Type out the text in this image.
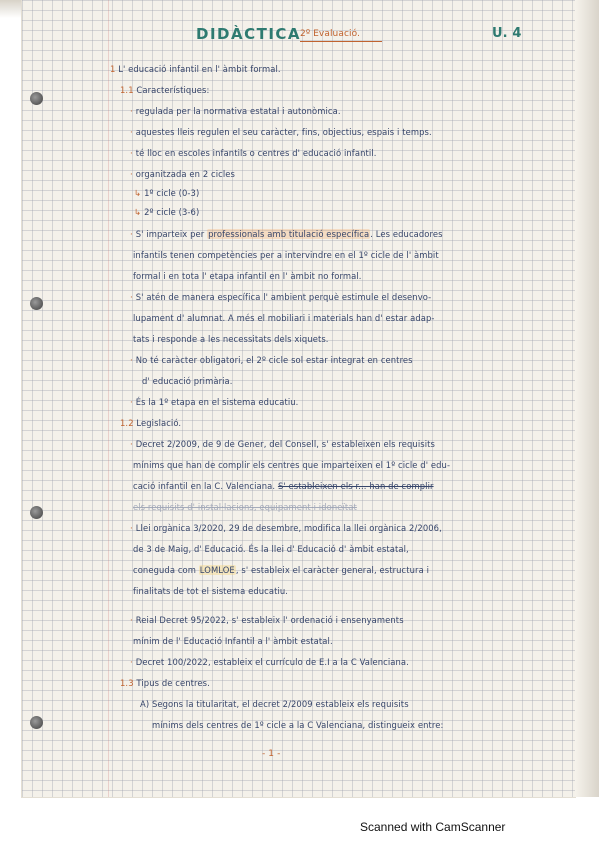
DIDÀCTICA
2º Evaluació.	U. 4
1 L' educació infantil en l' àmbit formal.
1.1 Característiques:
· regulada per la normativa estatal i autonòmica.
· aquestes lleis regulen el seu caràcter, fins, objectius, espais i temps.
· té lloc en escoles infantils o centres d' educació infantil.
· organitzada en 2 cicles
↳ 1º cicle (0-3)
↳ 2º cicle (3-6)
· S' imparteix per professionals amb titulació específica. Les educadores
infantils tenen competències per a intervindre en el 1º cicle de l' àmbit
formal i en tota l' etapa infantil en l' àmbit no formal.
· S' atén de manera específica l' ambient perquè estimule el desenvo-
lupament d' alumnat. A més el mobiliari i materials han d' estar adap-
tats i responde a les necessitats dels xiquets.
· No té caràcter obligatori, el 2º cicle sol estar integrat en centres
d' educació primària.
· És la 1º etapa en el sistema educatiu.
1.2 Legislació.
· Decret 2/2009, de 9 de Gener, del Consell, s' estableixen els requisits
mínims que han de complir els centres que imparteixen el 1º cicle d' edu-
cació infantil en la C. Valenciana. S' estableixen els r... han de complir
els requisits d' instal·lacions, equipament i idoneïtat
· Llei orgànica 3/2020, 29 de desembre, modifica la llei orgànica 2/2006,
de 3 de Maig, d' Educació. És la llei d' Educació d' àmbit estatal,
coneguda com LOMLOE, s' estableix el caràcter general, estructura i
finalitats de tot el sistema educatiu.
· Reial Decret 95/2022, s' estableix l' ordenació i ensenyaments
mínim de l' Educació Infantil a l' àmbit estatal.
· Decret 100/2022, estableix el currículo de E.I a la C Valenciana.
1.3 Tipus de centres.
A) Segons la titularitat, el decret 2/2009 estableix els requisits
mínims dels centres de 1º cicle a la C Valenciana, distingueix entre:
- 1 -
Scanned with CamScanner
